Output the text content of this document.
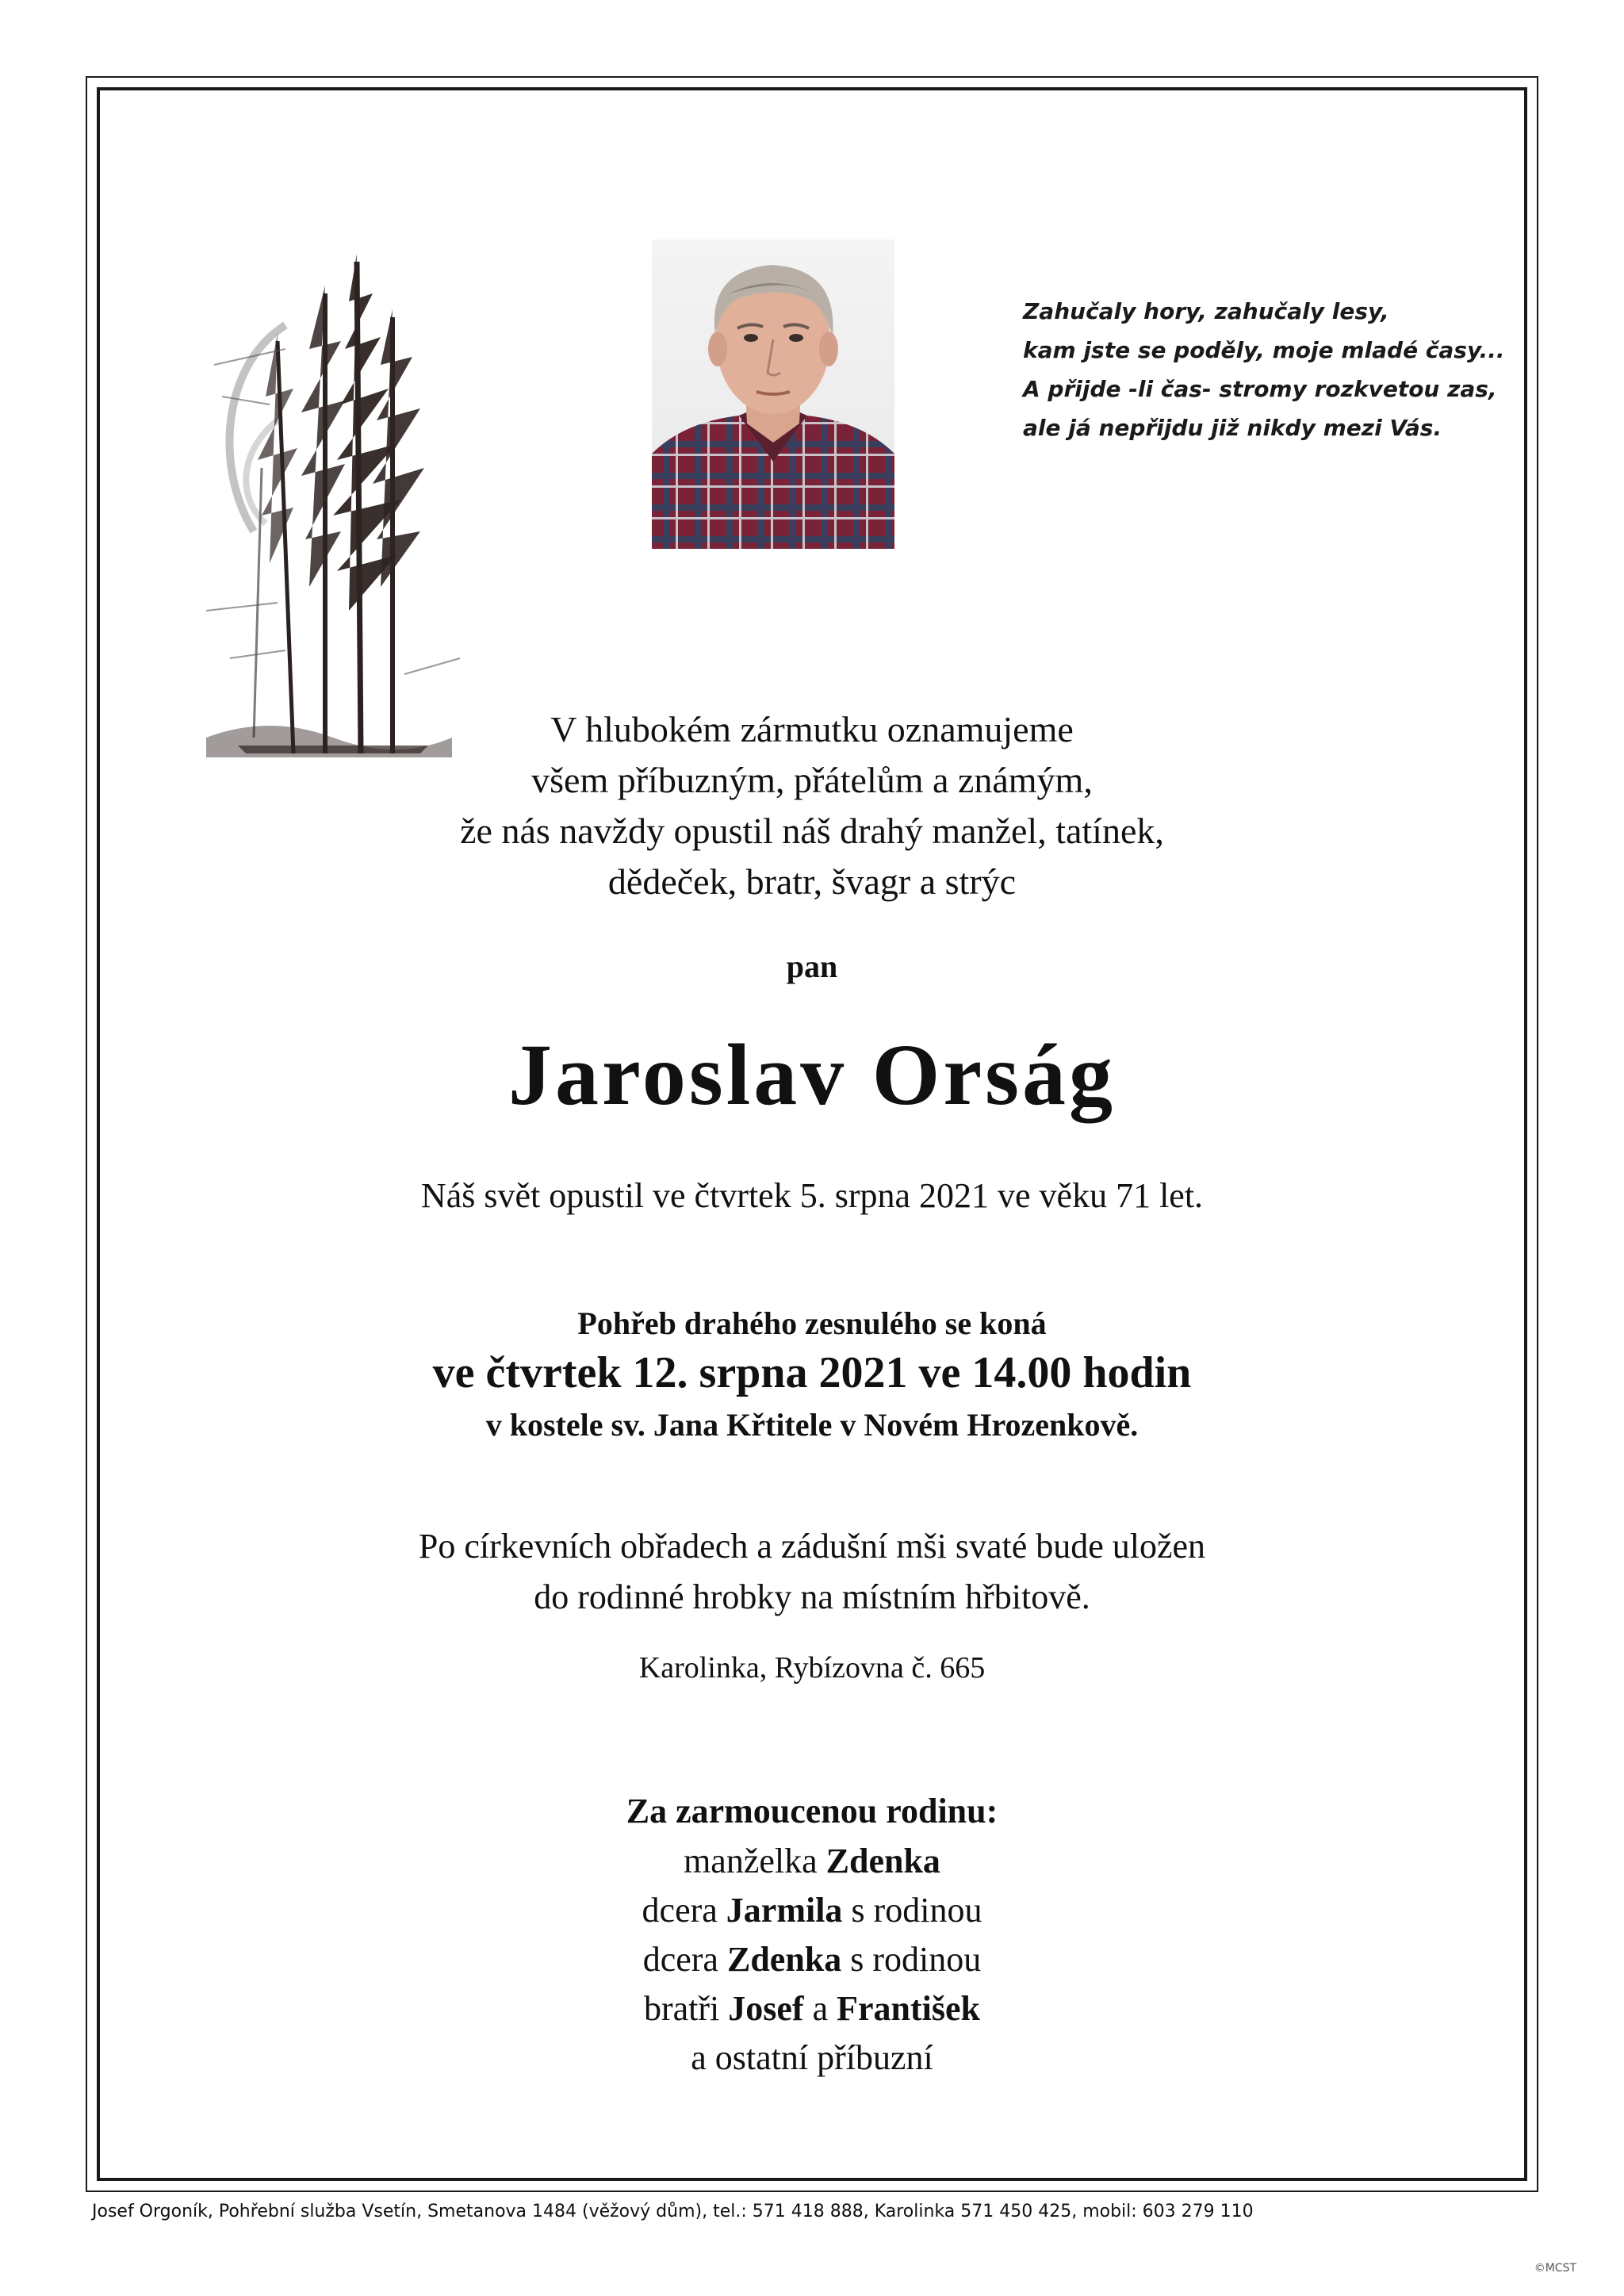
Zahučaly hory, zahučaly lesy,
kam jste se poděly, moje mladé časy...
A přijde -li čas- stromy rozkvetou zas,
ale já nepřijdu již nikdy mezi Vás.
V hlubokém zármutku oznamujeme
všem příbuzným, přátelům a známým,
že nás navždy opustil náš drahý manžel, tatínek,
dědeček, bratr, švagr a strýc
pan
Jaroslav Orság
Náš svět opustil ve čtvrtek 5. srpna 2021 ve věku 71 let.
Pohřeb drahého zesnulého se koná
ve čtvrtek 12. srpna 2021 ve 14.00 hodin
v kostele sv. Jana Křtitele v Novém Hrozenkově.
Po církevních obřadech a zádušní mši svaté bude uložen
do rodinné hrobky na místním hřbitově.
Karolinka, Rybízovna č. 665
Za zarmoucenou rodinu:
manželka Zdenka
dcera Jarmila s rodinou
dcera Zdenka s rodinou
bratři Josef a František
a ostatní příbuzní
Josef Orgoník, Pohřební služba Vsetín, Smetanova 1484 (věžový dům), tel.: 571 418 888, Karolinka 571 450 425, mobil: 603 279 110
©MCST
